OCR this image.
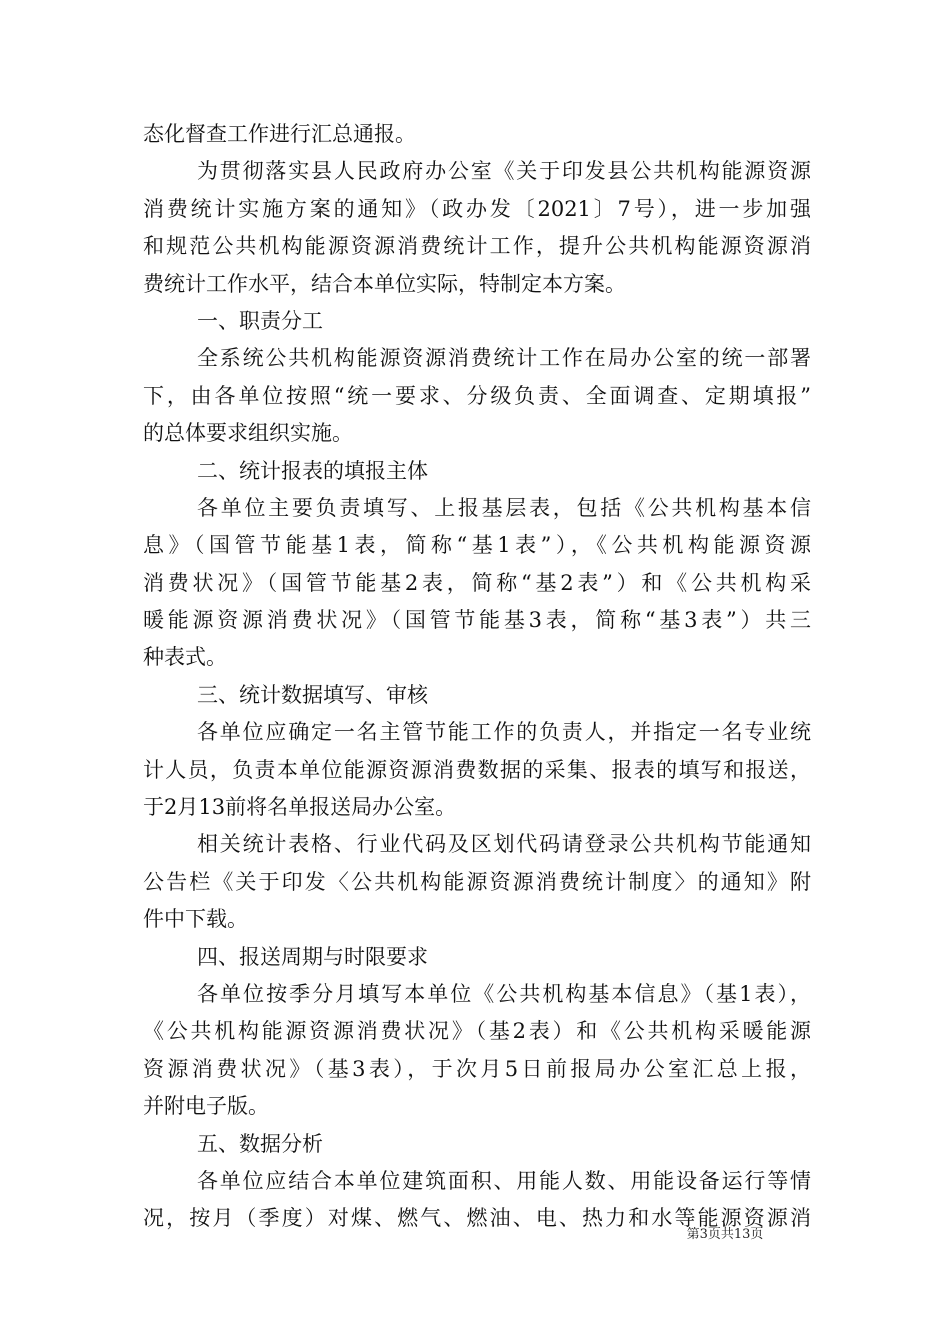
态化督查工作进行汇总通报。
为贯彻落实县人民政府办公室《关于印发县公共机构能源资源
消费统计实施方案的通知》（政办发〔2021〕7号），进一步加强
和规范公共机构能源资源消费统计工作，提升公共机构能源资源消
费统计工作水平，结合本单位实际，特制定本方案。
一、职责分工
全系统公共机构能源资源消费统计工作在局办公室的统一部署
下，由各单位按照“统一要求、分级负责、全面调查、定期填报”
的总体要求组织实施。
二、统计报表的填报主体
各单位主要负责填写、上报基层表，包括《公共机构基本信
息》（国管节能基1表，简称“基1表”），《公共机构能源资源
消费状况》（国管节能基2表，简称“基2表”）和《公共机构采
暖能源资源消费状况》（国管节能基3表，简称“基3表”）共三
种表式。
三、统计数据填写、审核
各单位应确定一名主管节能工作的负责人，并指定一名专业统
计人员，负责本单位能源资源消费数据的采集、报表的填写和报送，
于2月13前将名单报送局办公室。
相关统计表格、行业代码及区划代码请登录公共机构节能通知
公告栏《关于印发〈公共机构能源资源消费统计制度〉的通知》附
件中下载。
四、报送周期与时限要求
各单位按季分月填写本单位《公共机构基本信息》（基1表），
《公共机构能源资源消费状况》（基2表）和《公共机构采暖能源
资源消费状况》（基3表），于次月5日前报局办公室汇总上报，
并附电子版。
五、数据分析
各单位应结合本单位建筑面积、用能人数、用能设备运行等情
况，按月（季度）对煤、燃气、燃油、电、热力和水等能源资源消
第3页共13页
